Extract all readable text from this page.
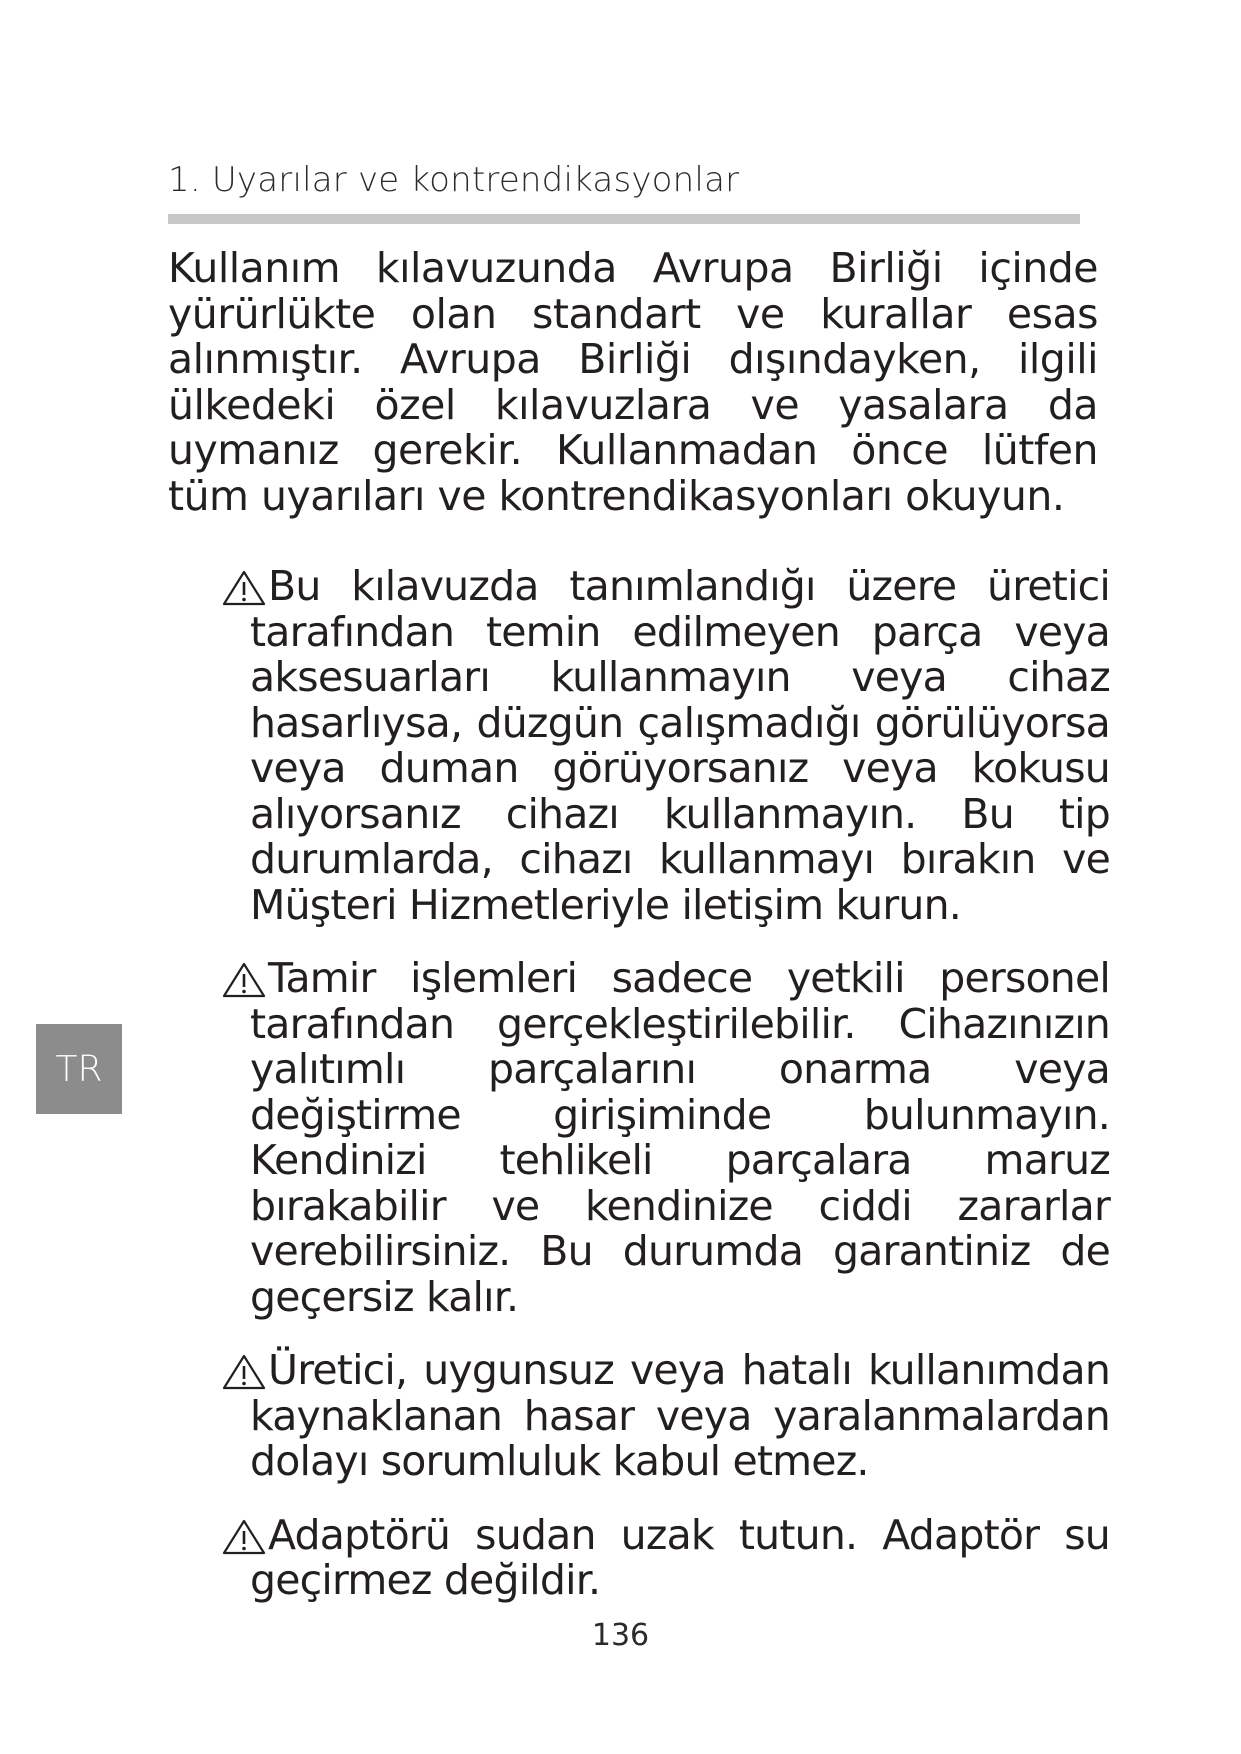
1. Uyarılar ve kontrendikasyonlar

Kullanım kılavuzunda Avrupa Birliği içinde yürürlükte olan standart ve kurallar esas alınmıştır. Avrupa Birliği dışındayken, ilgili ülkedeki özel kılavuzlara ve yasalara da uymanız gerekir. Kullanmadan önce lütfen tüm uyarıları ve kontrendikasyonları okuyun.

Bu kılavuzda tanımlandığı üzere üretici tarafından temin edilmeyen parça veya aksesuarları kullanmayın veya cihaz hasarlıysa, düzgün çalışmadığı görülüyorsa veya duman görüyorsanız veya kokusu alıyorsanız cihazı kullanmayın. Bu tip durumlarda, cihazı kullanmayı bırakın ve Müşteri Hizmetleriyle iletişim kurun.
Tamir işlemleri sadece yetkili personel tarafından gerçekleştirilebilir. Cihazınızın yalıtımlı parçalarını onarma veya değiştirme girişiminde bulunmayın. Kendinizi tehlikeli parçalara maruz bırakabilir ve kendinize ciddi zararlar verebilirsiniz. Bu durumda garantiniz de geçersiz kalır.
Üretici, uygunsuz veya hatalı kullanımdan kaynaklanan hasar veya yaralanmalardan dolayı sorumluluk kabul etmez.
Adaptörü sudan uzak tutun. Adaptör su geçirmez değildir.
TR
136
